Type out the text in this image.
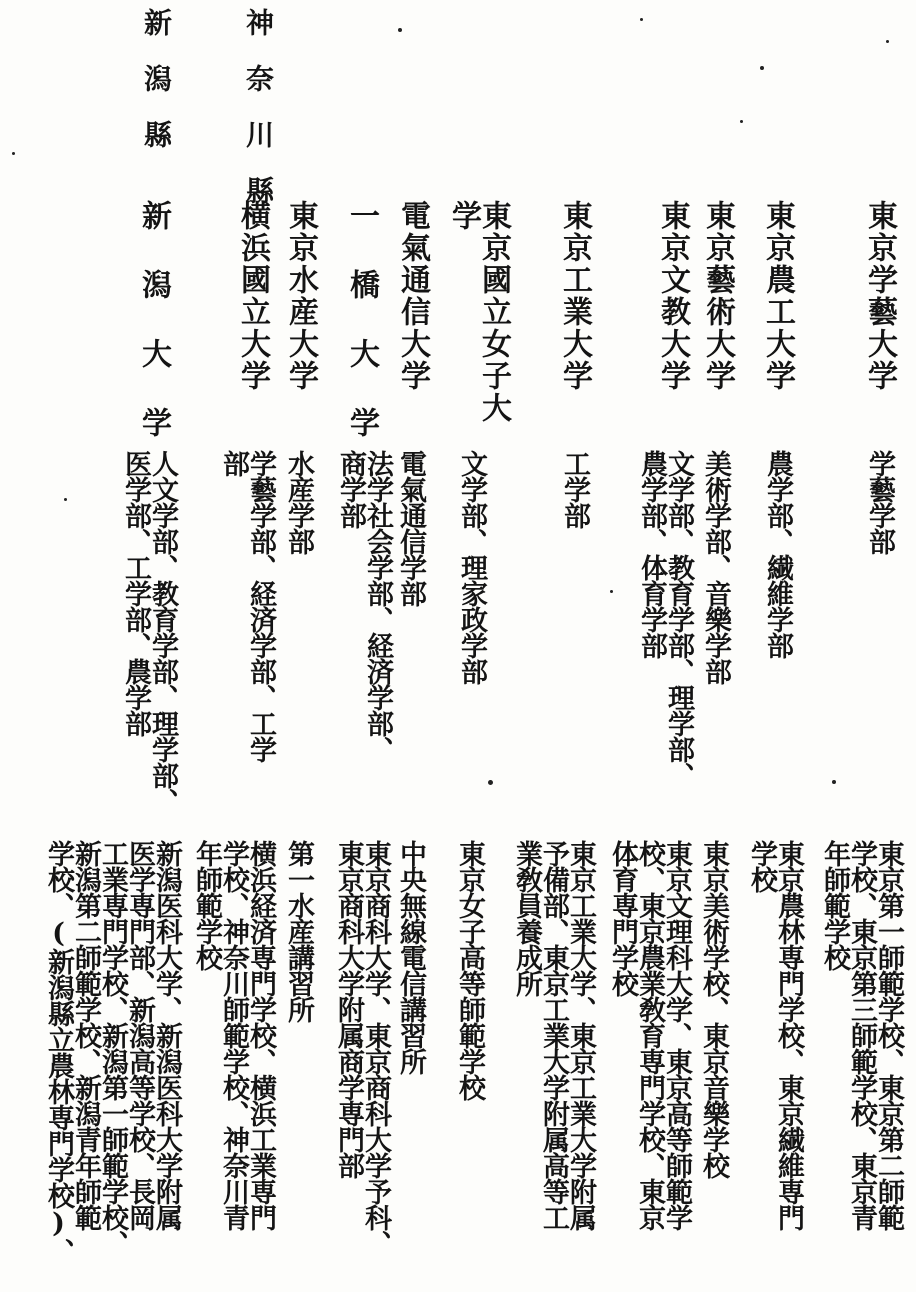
神奈川縣
新潟縣
東京学藝大学
東京農工大学
東京藝術大学
東京文教大学
東京工業大学
東京國立女子大
学
電氣通信大学
一 橋 大 学
東京水産大学
横浜國立大学
新 潟 大 学
学藝学部
農学部、繊維学部
美術学部、音樂学部
文学部、教育学部、理学部、
農学部、体育学部
工学部
文学部、理家政学部
電氣通信学部
法学社会学部、経済学部、
商学部
水産学部
学藝学部、経済学部、工学
部
人文学部、教育学部、理学部、
医学部、工学部、農学部
東京第一師範学校、東京第二師範
学校、東京第三師範学校、東京青
年師範学校
東京農林専門学校、東京繊維専門
学校
東京美術学校、東京音樂学校
東京文理科大学、東京高等師範学
校、東京農業敎育専門学校、東京
体育専門学校
東京工業大学、東京工業大学附属
予備部、東京工業大学附属高等工
業敎員養成所
東京女子高等師範学校
中央無線電信講習所
東京商科大学、東京商科大学予科、
東京商科大学附属商学専門部
第一水産講習所
横浜経済専門学校、横浜工業専門
学校、神奈川師範学校、神奈川青
年師範学校
新潟医科大学、新潟医科大学附属
医学専門部、新潟高等学校、長岡
工業専門学校、新潟第一師範学校、
新潟第二師範学校、新潟青年師範
学校、(新潟縣立農林専門学校)、
